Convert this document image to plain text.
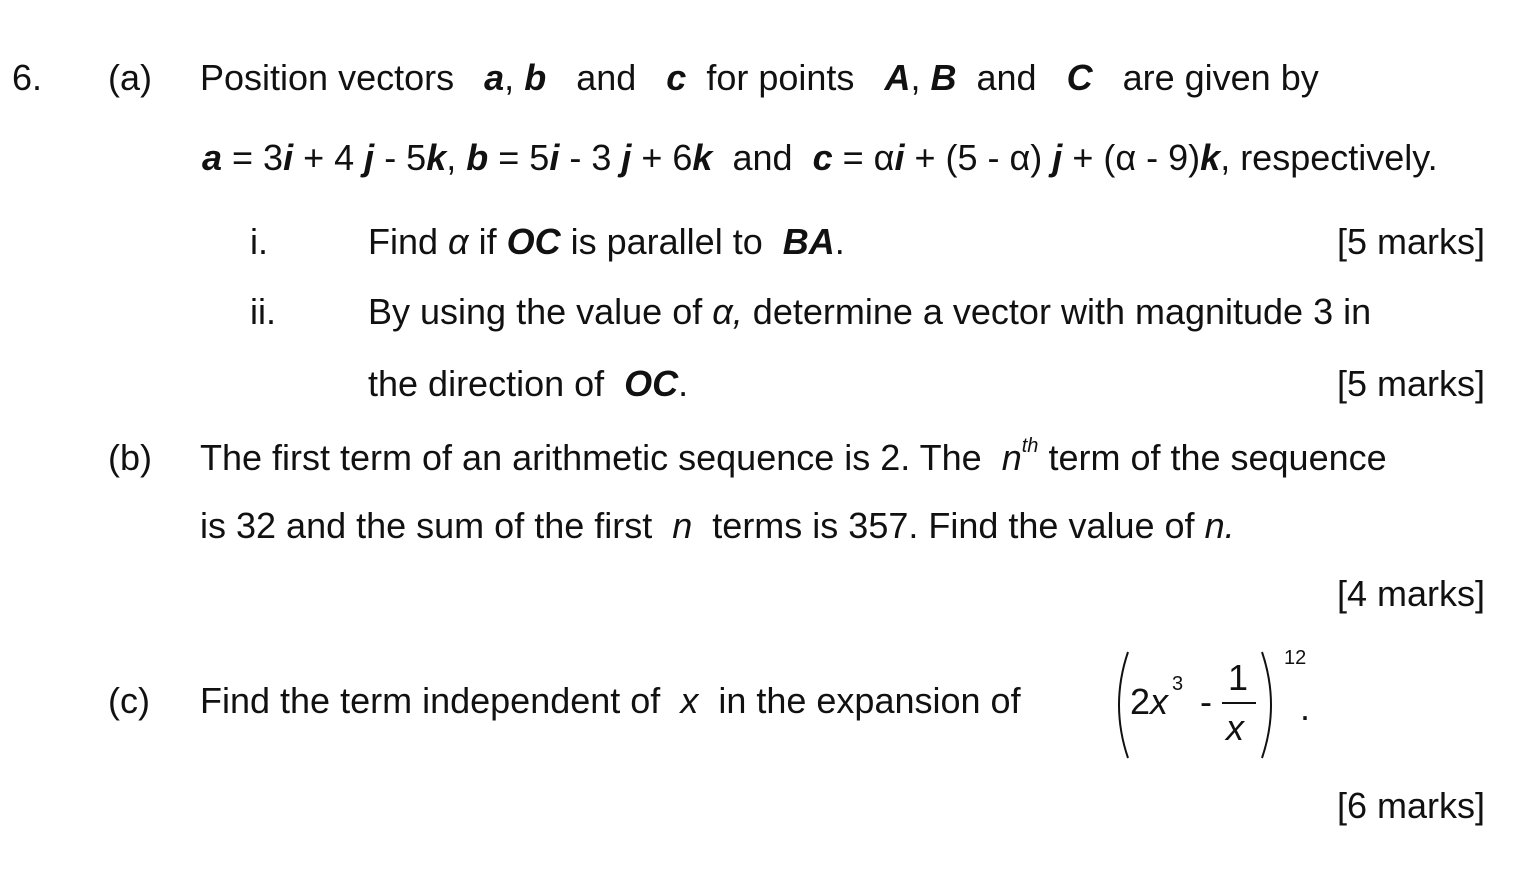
6. (a) Position vectors a, b and c for points A, B and C are given by
a = 3i + 4 j - 5k, b = 5i - 3 j + 6k and c = αi + (5 - α) j + (α - 9)k, respectively.
i.	Find α if OC is parallel to BA.	[5 marks]
ii.	By using the value of α, determine a vector with magnitude 3 in
the direction of OC.	[5 marks]
(b) The first term of an arithmetic sequence is 2. The $n^{th}$ term of the sequence
is 32 and the sum of the first n terms is 357. Find the value of n.
[4 marks]
(c) Find the term independent of x in the expansion of	2 x 3 -
1
x
12
.
[6 marks]
